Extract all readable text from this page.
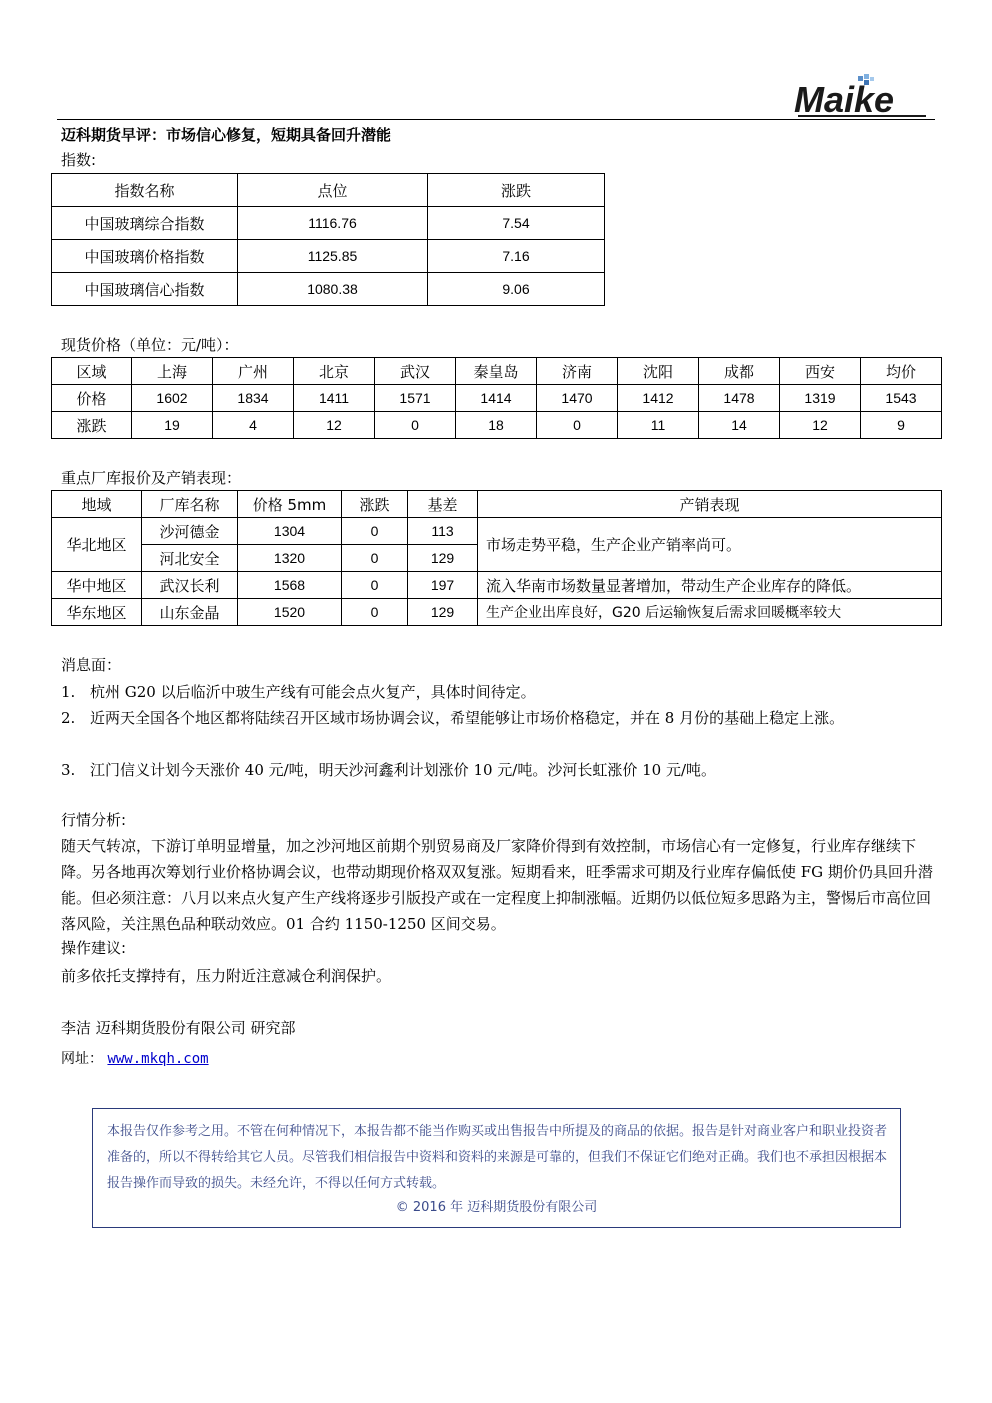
Maike
迈科期货早评：市场信心修复，短期具备回升潜能
指数:
指数名称	点位	涨跌
中国玻璃综合指数	1116.76	7.54
中国玻璃价格指数	1125.85	7.16
中国玻璃信心指数	1080.38	9.06
现货价格（单位：元/吨）：
区域	上海	广州	北京	武汉	秦皇岛	济南	沈阳	成都	西安	均价
价格	1602	1834	1411	1571	1414	1470	1412	1478	1319	1543
涨跌	19	4	12	0	18	0	11	14	12	9
重点厂库报价及产销表现：
地域	厂库名称	价格 5mm	涨跌	基差	产销表现
华北地区	沙河德金	1304	0	113	市场走势平稳，生产企业产销率尚可。
	河北安全	1320	0	129	
华中地区	武汉长利	1568	0	197	流入华南市场数量显著增加，带动生产企业库存的降低。
华东地区	山东金晶	1520	0	129	生产企业出库良好，G20 后运输恢复后需求回暖概率较大
消息面：
1. 杭州 G20 以后临沂中玻生产线有可能会点火复产，具体时间待定。
2. 近两天全国各个地区都将陆续召开区域市场协调会议，希望能够让市场价格稳定，并在 8 月份的基础上稳定上涨。
3. 江门信义计划今天涨价 40 元/吨，明天沙河鑫利计划涨价 10 元/吨。沙河长虹涨价 10 元/吨。
行情分析:
随天气转凉，下游订单明显增量，加之沙河地区前期个别贸易商及厂家降价得到有效控制，市场信心有一定修复，行业库存继续下降。另各地再次筹划行业价格协调会议，也带动期现价格双双复涨。短期看来，旺季需求可期及行业库存偏低使 FG 期价仍具回升潜能。但必须注意：八月以来点火复产生产线将逐步引版投产或在一定程度上抑制涨幅。近期仍以低位短多思路为主，警惕后市高位回落风险，关注黑色品种联动效应。01 合约 1150-1250 区间交易。
操作建议:
前多依托支撑持有，压力附近注意减仓利润保护。
李洁 迈科期货股份有限公司 研究部
网址： www.mkqh.com
本报告仅作参考之用。不管在何种情况下，本报告都不能当作购买或出售报告中所提及的商品的依据。报告是针对商业客户和职业投资者准备的，所以不得转给其它人员。尽管我们相信报告中资料和资料的来源是可靠的，但我们不保证它们绝对正确。我们也不承担因根据本报告操作而导致的损失。未经允许，不得以任何方式转载。
© 2016 年 迈科期货股份有限公司
